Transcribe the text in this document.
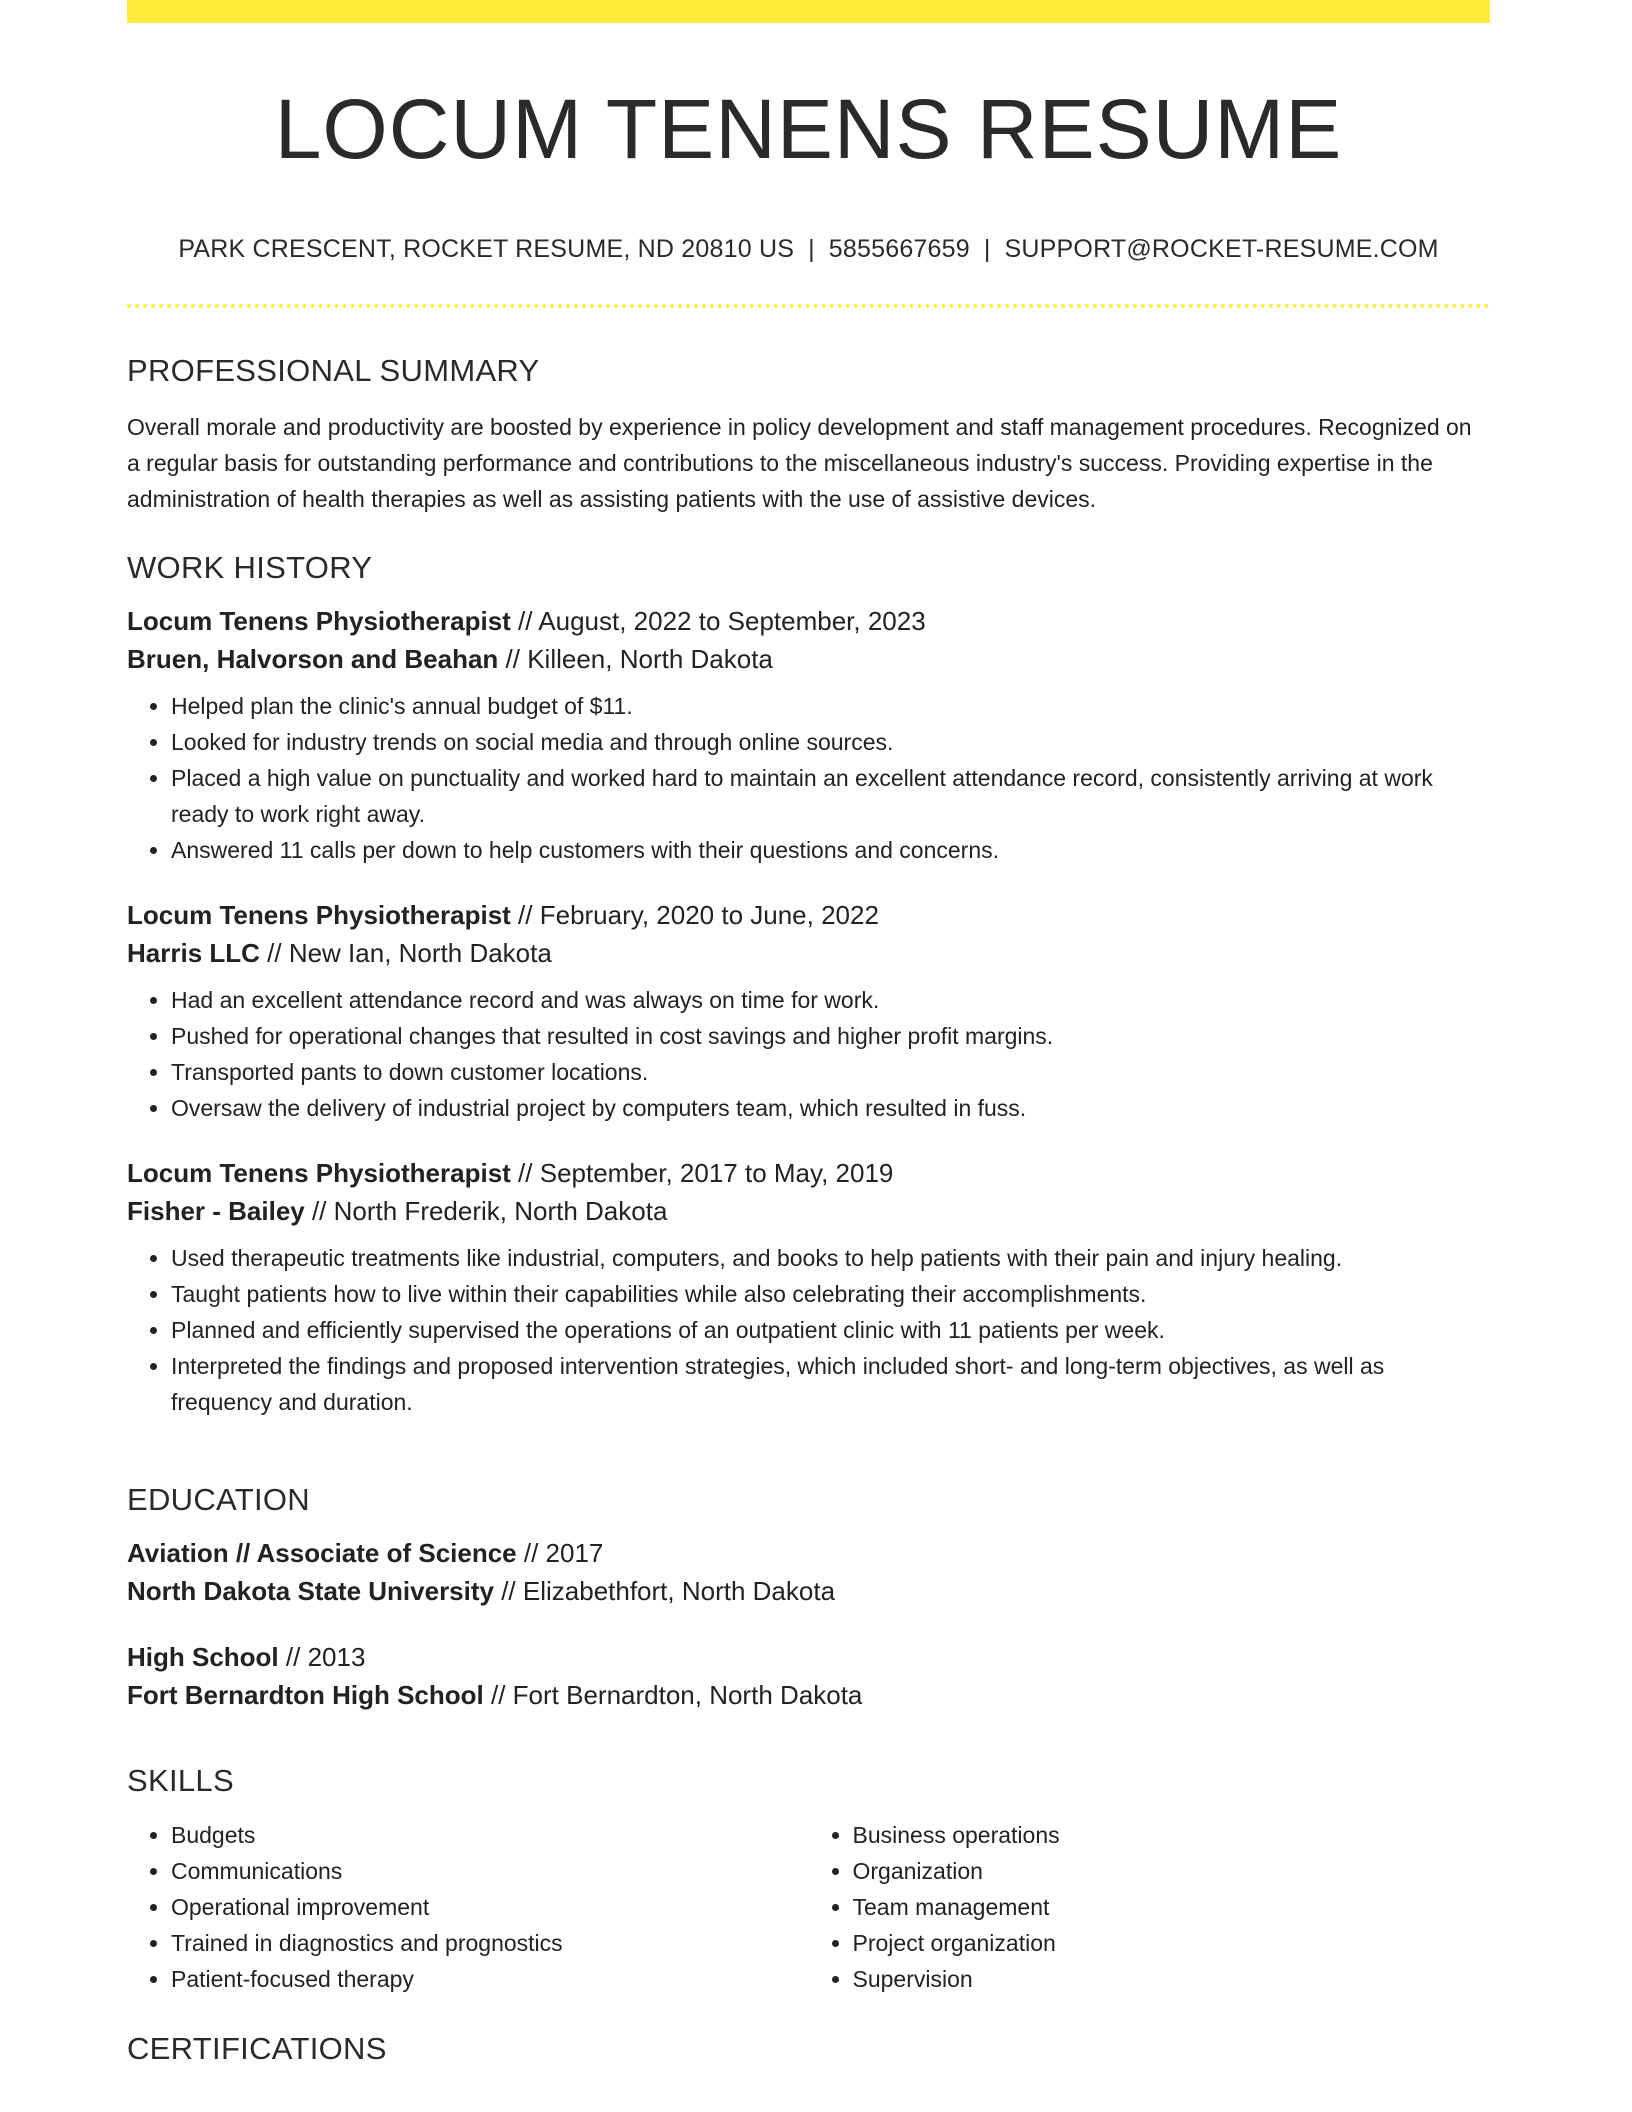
LOCUM TENENS RESUME
PARK CRESCENT, ROCKET RESUME, ND 20810 US | 5855667659 | SUPPORT@ROCKET-RESUME.COM
PROFESSIONAL SUMMARY

Overall morale and productivity are boosted by experience in policy development and staff management procedures. Recognized on a regular basis for outstanding performance and contributions to the miscellaneous industry's success. Providing expertise in the administration of health therapies as well as assisting patients with the use of assistive devices.

WORK HISTORY
Locum Tenens Physiotherapist // August, 2022 to September, 2023
Bruen, Halvorson and Beahan // Killeen, North Dakota
• Helped plan the clinic's annual budget of $11.
• Looked for industry trends on social media and through online sources.
• Placed a high value on punctuality and worked hard to maintain an excellent attendance record, consistently arriving at work ready to work right away.
• Answered 11 calls per down to help customers with their questions and concerns.
Locum Tenens Physiotherapist // February, 2020 to June, 2022
Harris LLC // New Ian, North Dakota
• Had an excellent attendance record and was always on time for work.
• Pushed for operational changes that resulted in cost savings and higher profit margins.
• Transported pants to down customer locations.
• Oversaw the delivery of industrial project by computers team, which resulted in fuss.
Locum Tenens Physiotherapist // September, 2017 to May, 2019
Fisher - Bailey // North Frederik, North Dakota
• Used therapeutic treatments like industrial, computers, and books to help patients with their pain and injury healing.
• Taught patients how to live within their capabilities while also celebrating their accomplishments.
• Planned and efficiently supervised the operations of an outpatient clinic with 11 patients per week.
• Interpreted the findings and proposed intervention strategies, which included short- and long-term objectives, as well as frequency and duration.
EDUCATION
Aviation // Associate of Science // 2017
North Dakota State University // Elizabethfort, North Dakota
High School // 2013
Fort Bernardton High School // Fort Bernardton, North Dakota
SKILLS
• Budgets
• Communications
• Operational improvement
• Trained in diagnostics and prognostics
• Patient-focused therapy
• Business operations
• Organization
• Team management
• Project organization
• Supervision
CERTIFICATIONS
